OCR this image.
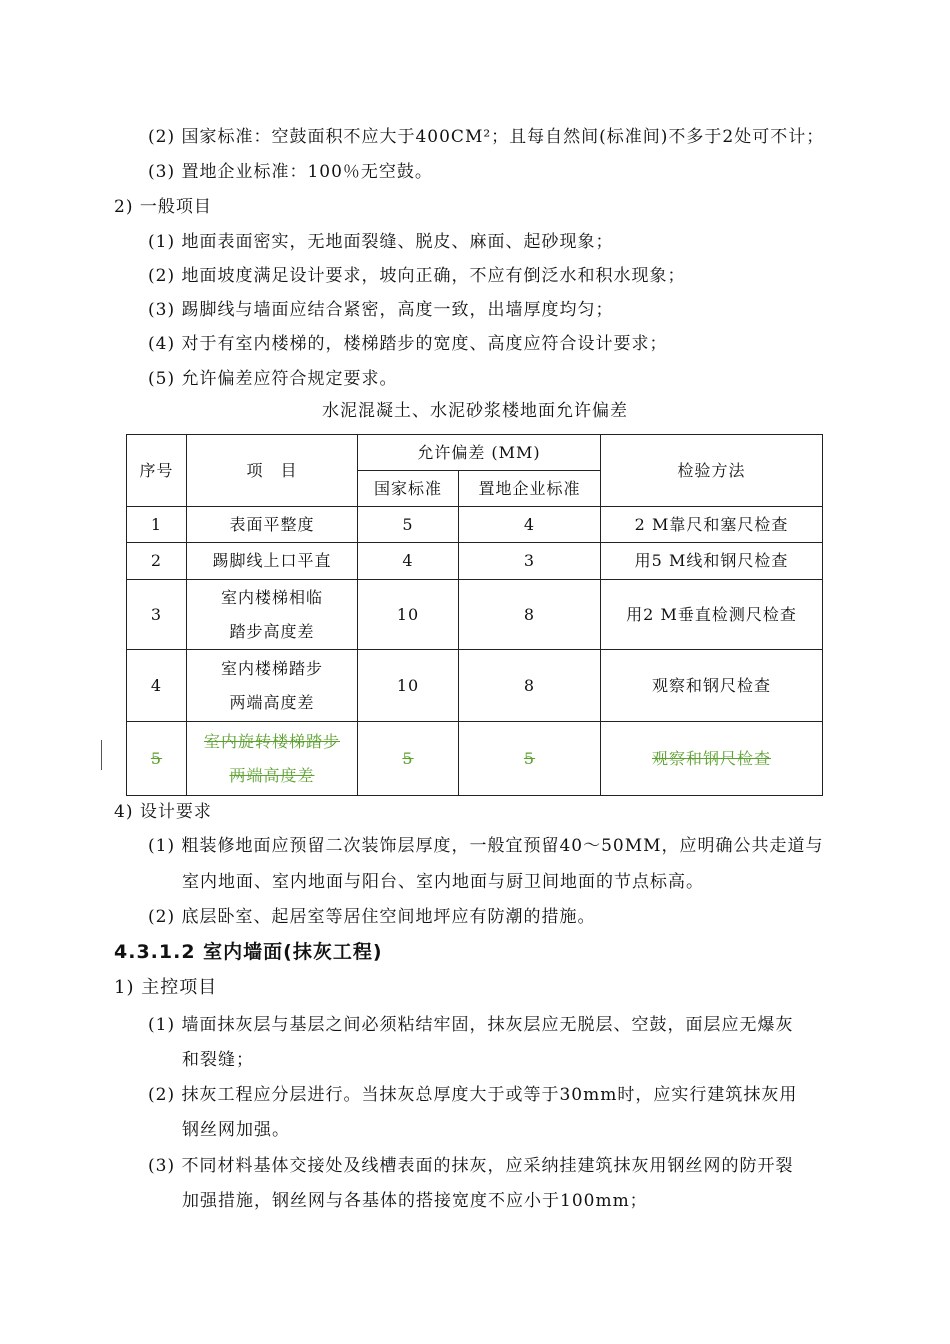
(2) 国家标准：空鼓面积不应大于400CM²；且每自然间(标准间)不多于2处可不计；
(3) 置地企业标准：100％无空鼓。
2) 一般项目
(1) 地面表面密实，无地面裂缝、脱皮、麻面、起砂现象；
(2) 地面坡度满足设计要求，坡向正确，不应有倒泛水和积水现象；
(3) 踢脚线与墙面应结合紧密，高度一致，出墙厚度均匀；
(4) 对于有室内楼梯的，楼梯踏步的宽度、高度应符合设计要求；
(5) 允许偏差应符合规定要求。
水泥混凝土、水泥砂浆楼地面允许偏差
序号	项　目	允许偏差 (MM)		检验方法
		国家标准	置地企业标准	
1	表面平整度	5	4	2 M靠尺和塞尺检查
2	踢脚线上口平直	4	3	用5 M线和钢尺检查
3	室内楼梯相临
踏步高度差	10	8	用2 M垂直检测尺检查
4	室内楼梯踏步
两端高度差	10	8	观察和钢尺检查
5	室内旋转楼梯踏步
两端高度差	5	5	观察和钢尺检查
4) 设计要求
(1) 粗装修地面应预留二次装饰层厚度，一般宜预留40～50MM，应明确公共走道与
室内地面、室内地面与阳台、室内地面与厨卫间地面的节点标高。
(2) 底层卧室、起居室等居住空间地坪应有防潮的措施。
4.3.1.2 室内墙面(抹灰工程)
1) 主控项目
(1) 墙面抹灰层与基层之间必须粘结牢固，抹灰层应无脱层、空鼓，面层应无爆灰
和裂缝；
(2) 抹灰工程应分层进行。当抹灰总厚度大于或等于30mm时，应实行建筑抹灰用
钢丝网加强。
(3) 不同材料基体交接处及线槽表面的抹灰，应采纳挂建筑抹灰用钢丝网的防开裂
加强措施，钢丝网与各基体的搭接宽度不应小于100mm；
